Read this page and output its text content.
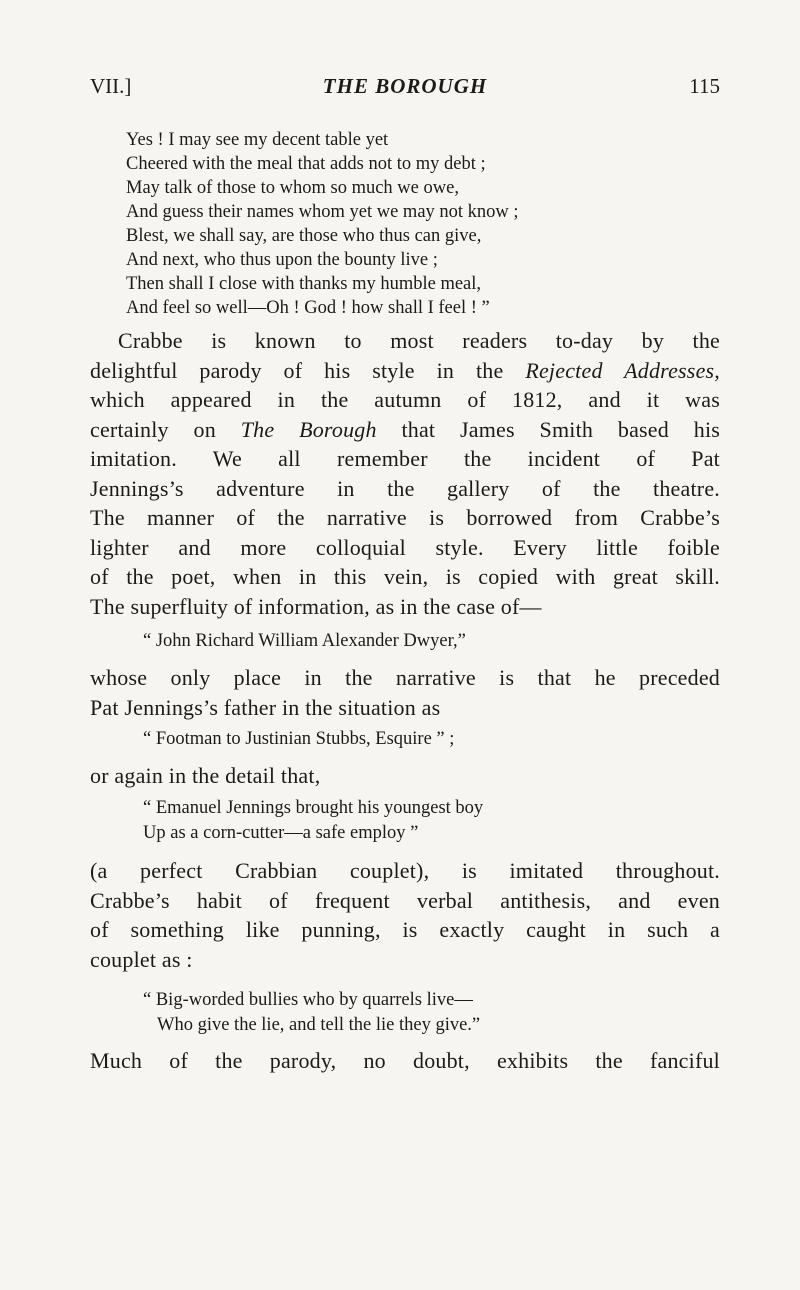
VII.]	THE BOROUGH	115
Yes ! I may see my decent table yet
Cheered with the meal that adds not to my debt ;
May talk of those to whom so much we owe,
And guess their names whom yet we may not know ;
Blest, we shall say, are those who thus can give,
And next, who thus upon the bounty live ;
Then shall I close with thanks my humble meal,
And feel so well—Oh ! God ! how shall I feel ! ”
Crabbe is known to most readers to-day by the
delightful parody of his style in the Rejected Addresses,
which appeared in the autumn of 1812, and it was
certainly on The Borough that James Smith based his
imitation. We all remember the incident of Pat
Jennings’s adventure in the gallery of the theatre.
The manner of the narrative is borrowed from Crabbe’s
lighter and more colloquial style. Every little foible
of the poet, when in this vein, is copied with great skill.
The superfluity of information, as in the case of—
“ John Richard William Alexander Dwyer,”
whose only place in the narrative is that he preceded
Pat Jennings’s father in the situation as
“ Footman to Justinian Stubbs, Esquire ” ;
or again in the detail that,
“ Emanuel Jennings brought his youngest boy
Up as a corn-cutter—a safe employ ”
(a perfect Crabbian couplet), is imitated throughout.
Crabbe’s habit of frequent verbal antithesis, and even
of something like punning, is exactly caught in such a
couplet as :
“ Big-worded bullies who by quarrels live—
Who give the lie, and tell the lie they give.”
Much of the parody, no doubt, exhibits the fanciful
